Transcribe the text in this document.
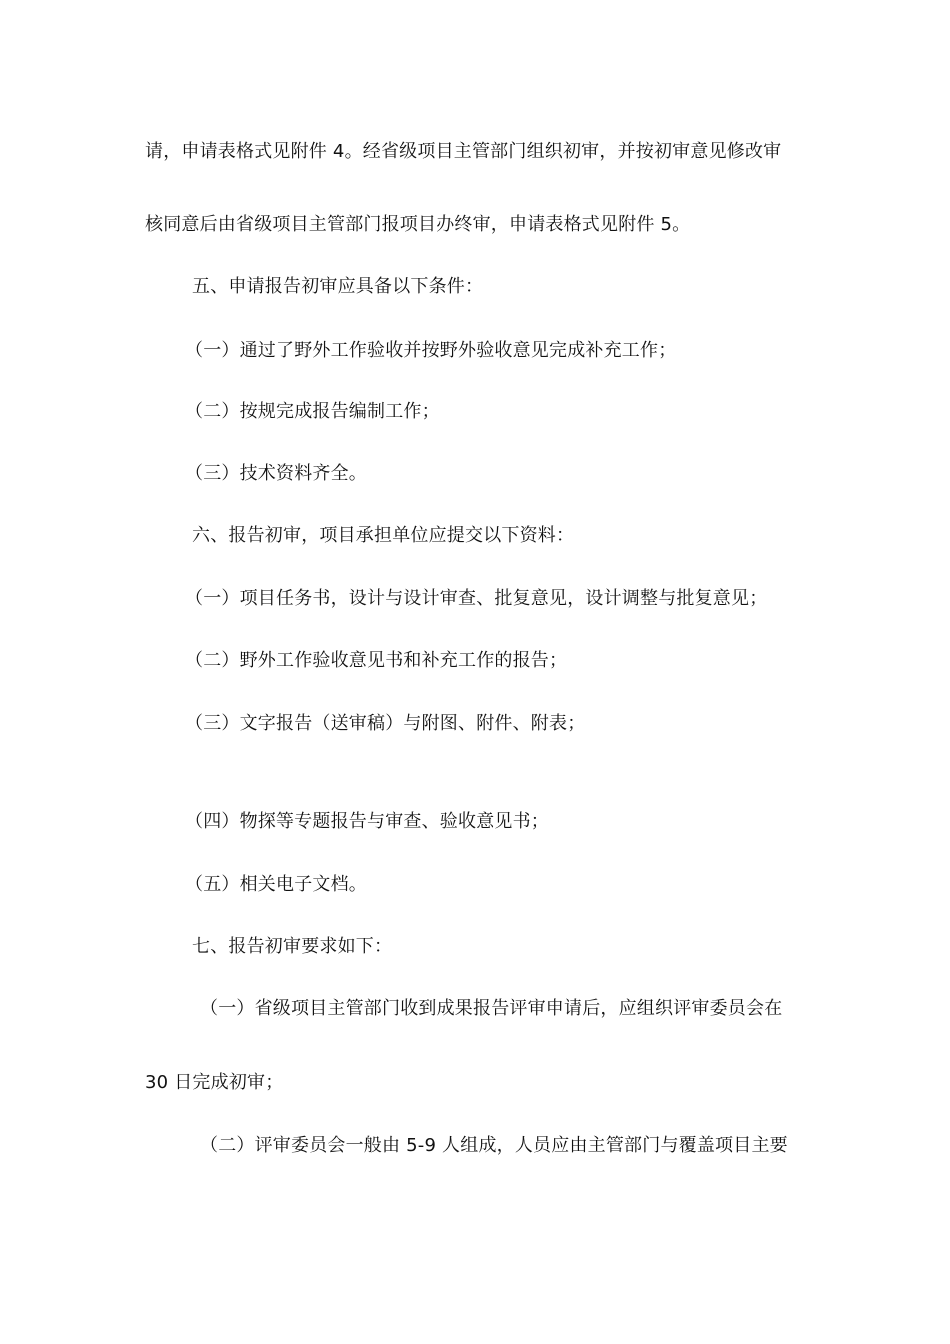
请，申请表格式见附件 4。经省级项目主管部门组织初审，并按初审意见修改审
核同意后由省级项目主管部门报项目办终审，申请表格式见附件 5。
五、申请报告初审应具备以下条件：
（一）通过了野外工作验收并按野外验收意见完成补充工作；
（二）按规完成报告编制工作；
（三）技术资料齐全。
六、报告初审，项目承担单位应提交以下资料：
（一）项目任务书，设计与设计审查、批复意见，设计调整与批复意见；
（二）野外工作验收意见书和补充工作的报告；
（三）文字报告（送审稿）与附图、附件、附表；
（四）物探等专题报告与审查、验收意见书；
（五）相关电子文档。
七、报告初审要求如下：
（一）省级项目主管部门收到成果报告评审申请后，应组织评审委员会在
30 日完成初审；
（二）评审委员会一般由 5-9 人组成，人员应由主管部门与覆盖项目主要
